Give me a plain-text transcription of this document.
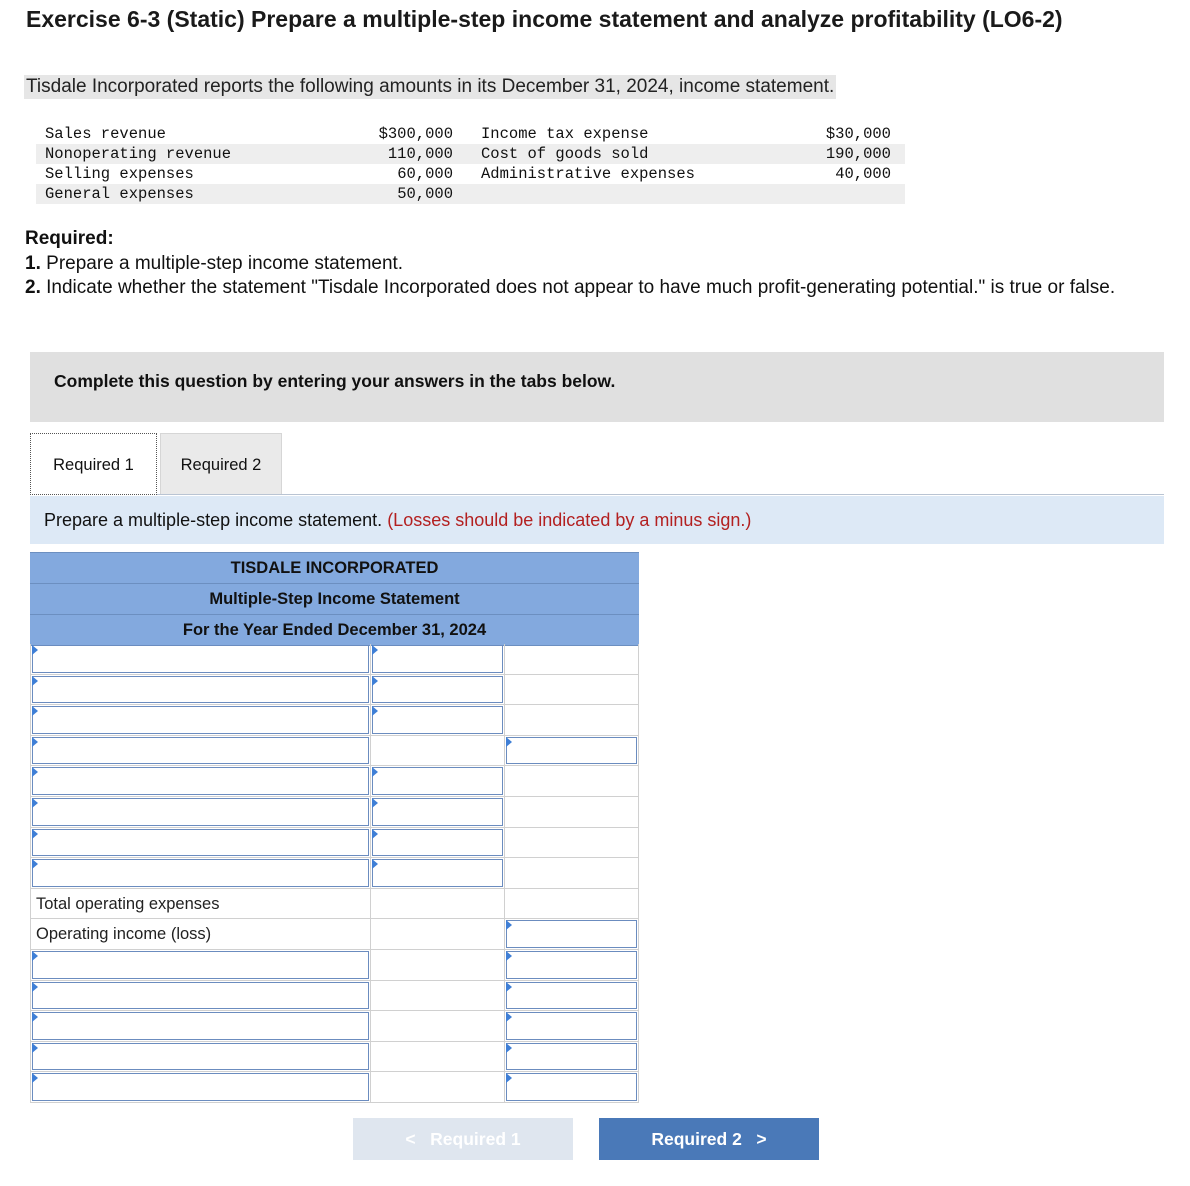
Exercise 6-3 (Static) Prepare a multiple-step income statement and analyze profitability (LO6-2)
Tisdale Incorporated reports the following amounts in its December 31, 2024, income statement.
Sales revenue	$300,000 Income tax expense	$30,000
Nonoperating revenue	110,000 Cost of goods sold	190,000
Selling expenses	60,000 Administrative expenses	40,000
General expenses	50,000
Required:
1. Prepare a multiple-step income statement.
2. Indicate whether the statement "Tisdale Incorporated does not appear to have much profit-generating potential." is true or false.
Complete this question by entering your answers in the tabs below.
Required 1	Required 2
Prepare a multiple-step income statement. (Losses should be indicated by a minus sign.)
TISDALE INCORPORATED
Multiple-Step Income Statement
For the Year Ended December 31, 2024
Total operating expenses
Operating income (loss)
<   Required 1	Required 2   >
